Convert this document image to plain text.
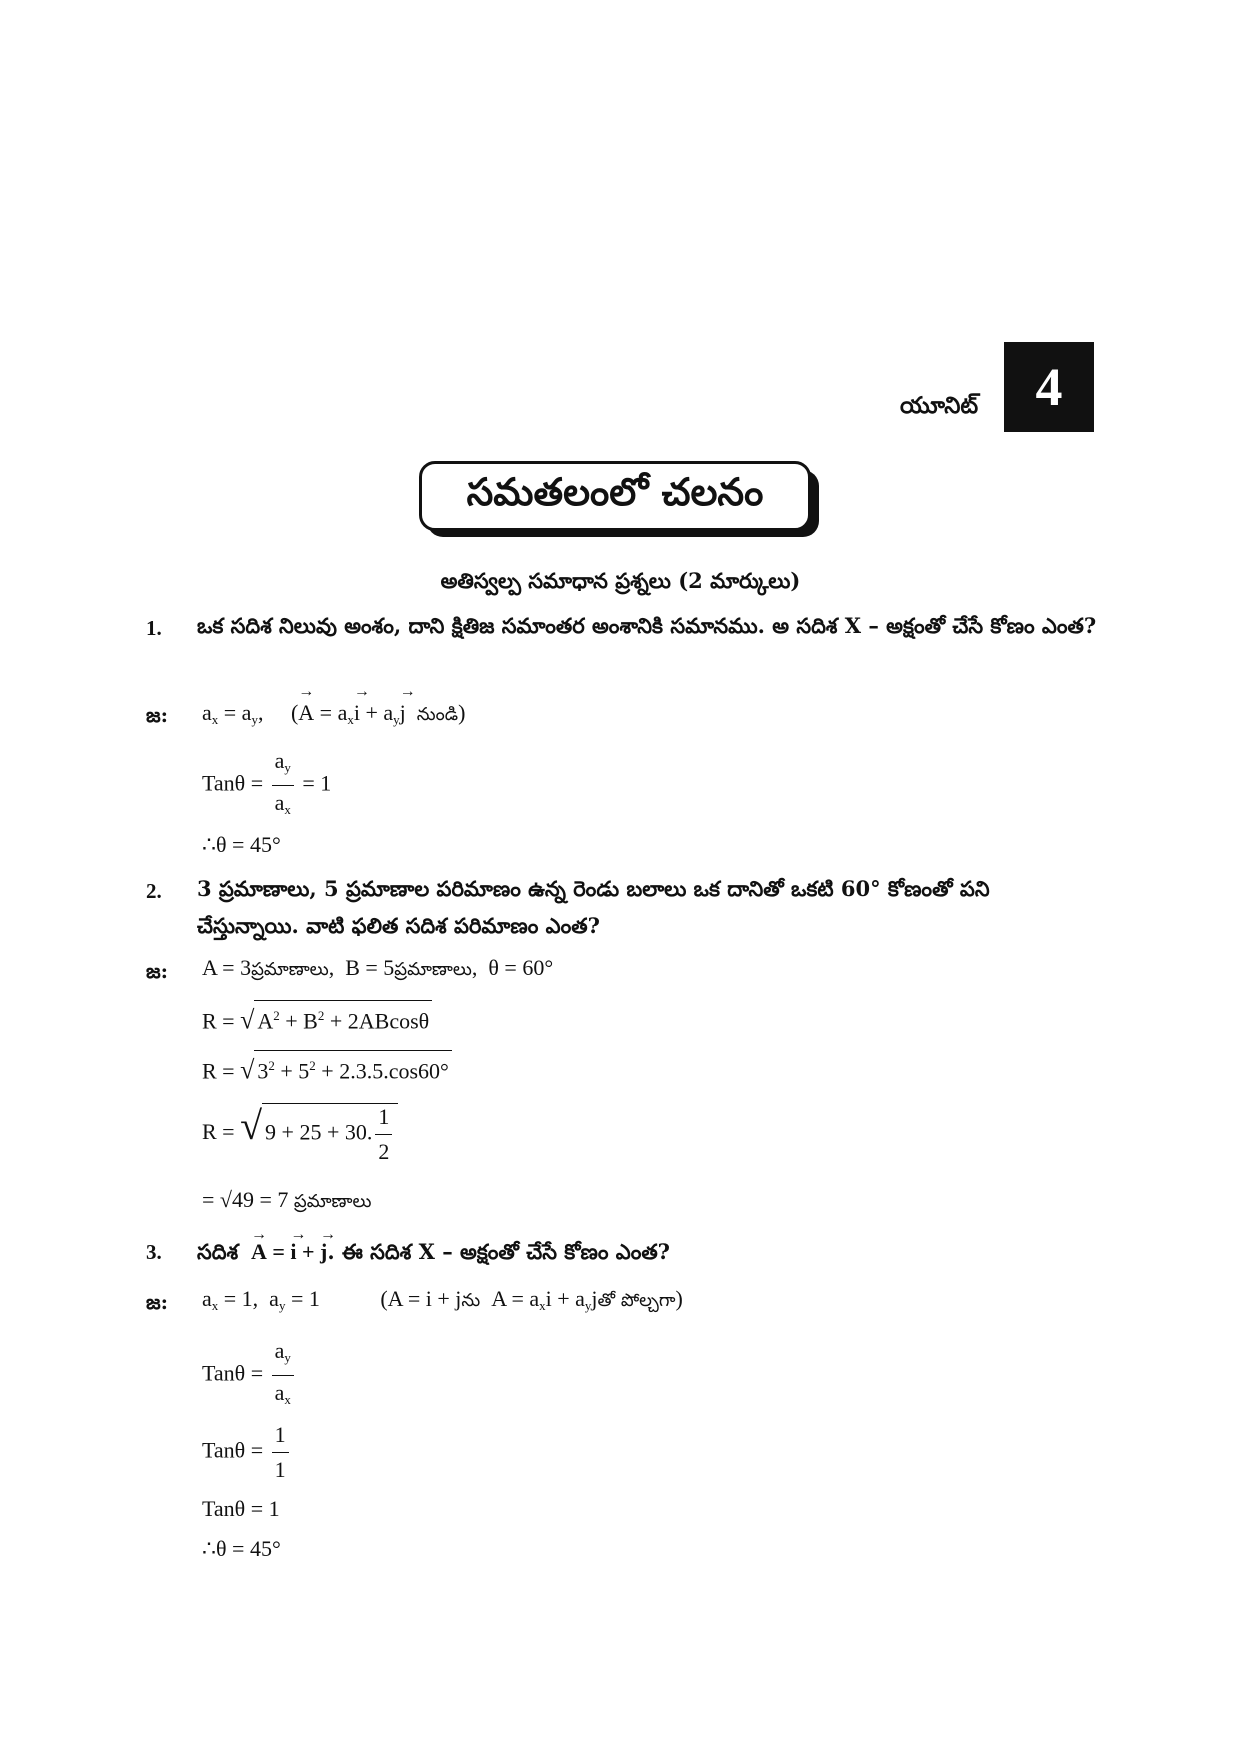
యూనిట్	4
సమతలంలో చలనం
అతిస్వల్ప సమాధాన ప్రశ్నలు (2 మార్కులు)
1. ఒక సదిశ నిలువు అంశం, దాని క్షితిజ సమాంతర అంశానికి సమానము. అ సదిశ X – అక్షంతో చేసే కోణం ఎంత?
జ: $a_x = a_y$,     (→ $A = a_x\to i + a_y\to j$ నుండి)
$Tan\theta = \frac{a_y}{a_x} = 1$
∴θ = 45°
2. 3 ప్రమాణాలు, 5 ప్రమాణాల పరిమాణం ఉన్న రెండు బలాలు ఒక దానితో ఒకటి 60° కోణంతో పని చేస్తున్నాయి. వాటి ఫలిత సదిశ పరిమాణం ఎంత?
జ: A = 3ప్రమాణాలు,  B = 5ప్రమాణాలు,  θ = 60°
R = √ $A^2 + B^2 + 2ABcos\theta$
R = √ $3^2 + 5^2 + 2.3.5.\cos 60^\circ$
R = √ 9 + 25 + 30. $\frac{1}{2}$
= √49 = 7 ప్రమాణాలు
3. సదిశ  → A = → i + → j. ఈ సదిశ X – అక్షంతో చేసే కోణం ఎంత?
జ: $a_x = 1$,  $a_y = 1$           (A = i + jను  $A = a_xi$ + $a_yjతో$ పోల్చగా)
$Tan\theta = \frac{a_y}{a_x}$
$Tan\theta = \frac{1}{1}$
Tanθ = 1
∴θ = 45°
